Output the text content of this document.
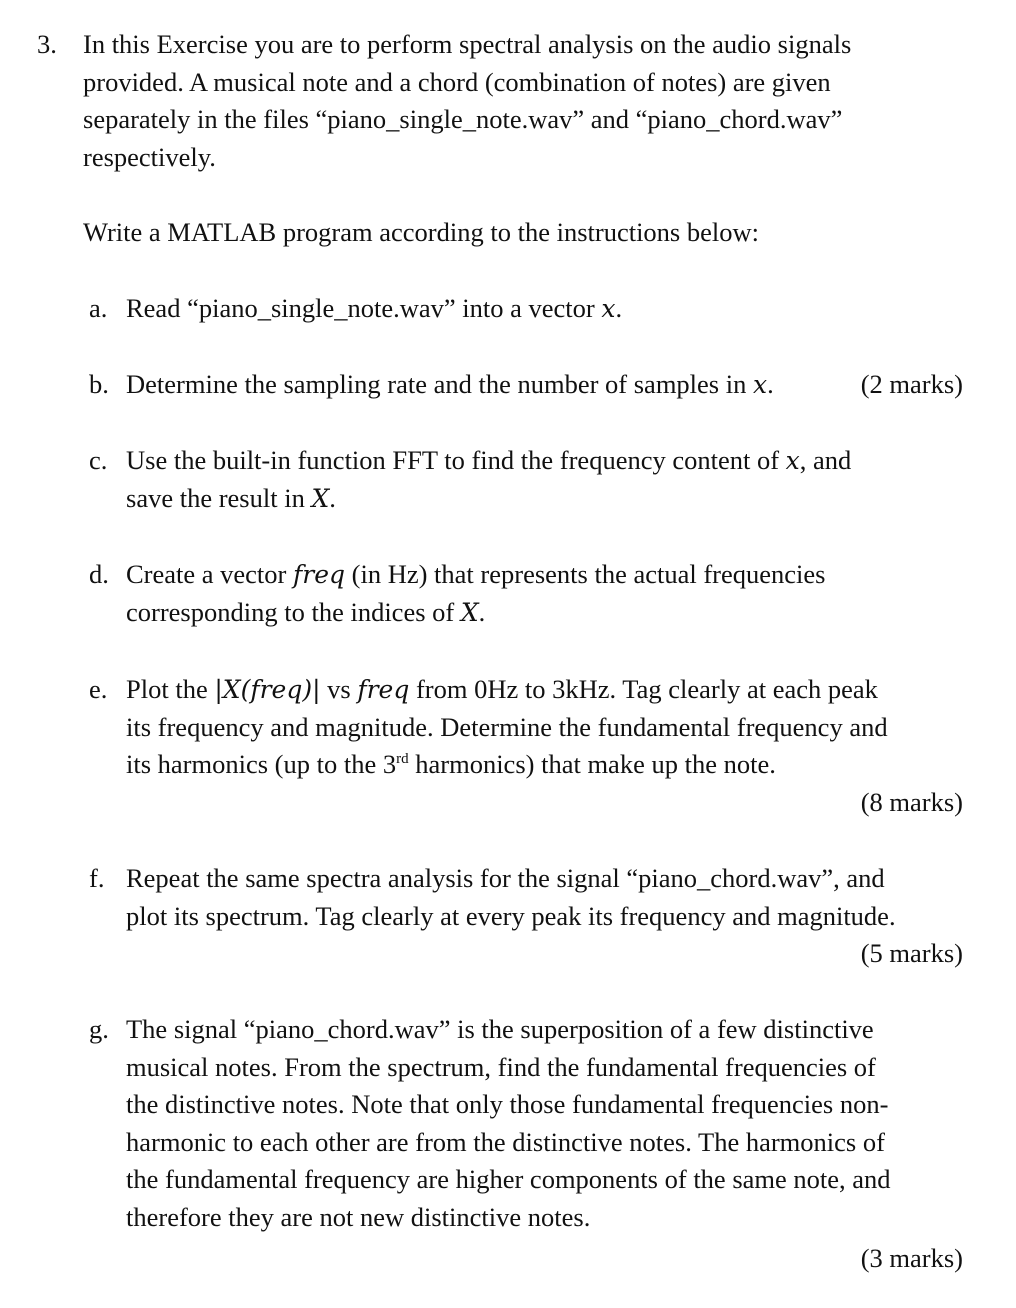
3. In this Exercise you are to perform spectral analysis on the audio signals
provided. A musical note and a chord (combination of notes) are given
separately in the files “piano_single_note.wav” and “piano_chord.wav”
respectively.
Write a MATLAB program according to the instructions below:
a. Read “piano_single_note.wav” into a vector x.
b.	(2 marks)
Determine the sampling rate and the number of samples in x.
c. Use the built-in function FFT to find the frequency content of x, and
save the result in X.
d. Create a vector freq (in Hz) that represents the actual frequencies
corresponding to the indices of X.
e. Plot the |X(freq)| vs freq from 0Hz to 3kHz. Tag clearly at each peak
its frequency and magnitude. Determine the fundamental frequency and
its harmonics (up to the 3rd harmonics) that make up the note.
(8 marks)
f. Repeat the same spectra analysis for the signal “piano_chord.wav”, and
plot its spectrum. Tag clearly at every peak its frequency and magnitude.
(5 marks)
g. The signal “piano_chord.wav” is the superposition of a few distinctive
musical notes. From the spectrum, find the fundamental frequencies of
the distinctive notes. Note that only those fundamental frequencies non-
harmonic to each other are from the distinctive notes. The harmonics of
the fundamental frequency are higher components of the same note, and
therefore they are not new distinctive notes.
(3 marks)
